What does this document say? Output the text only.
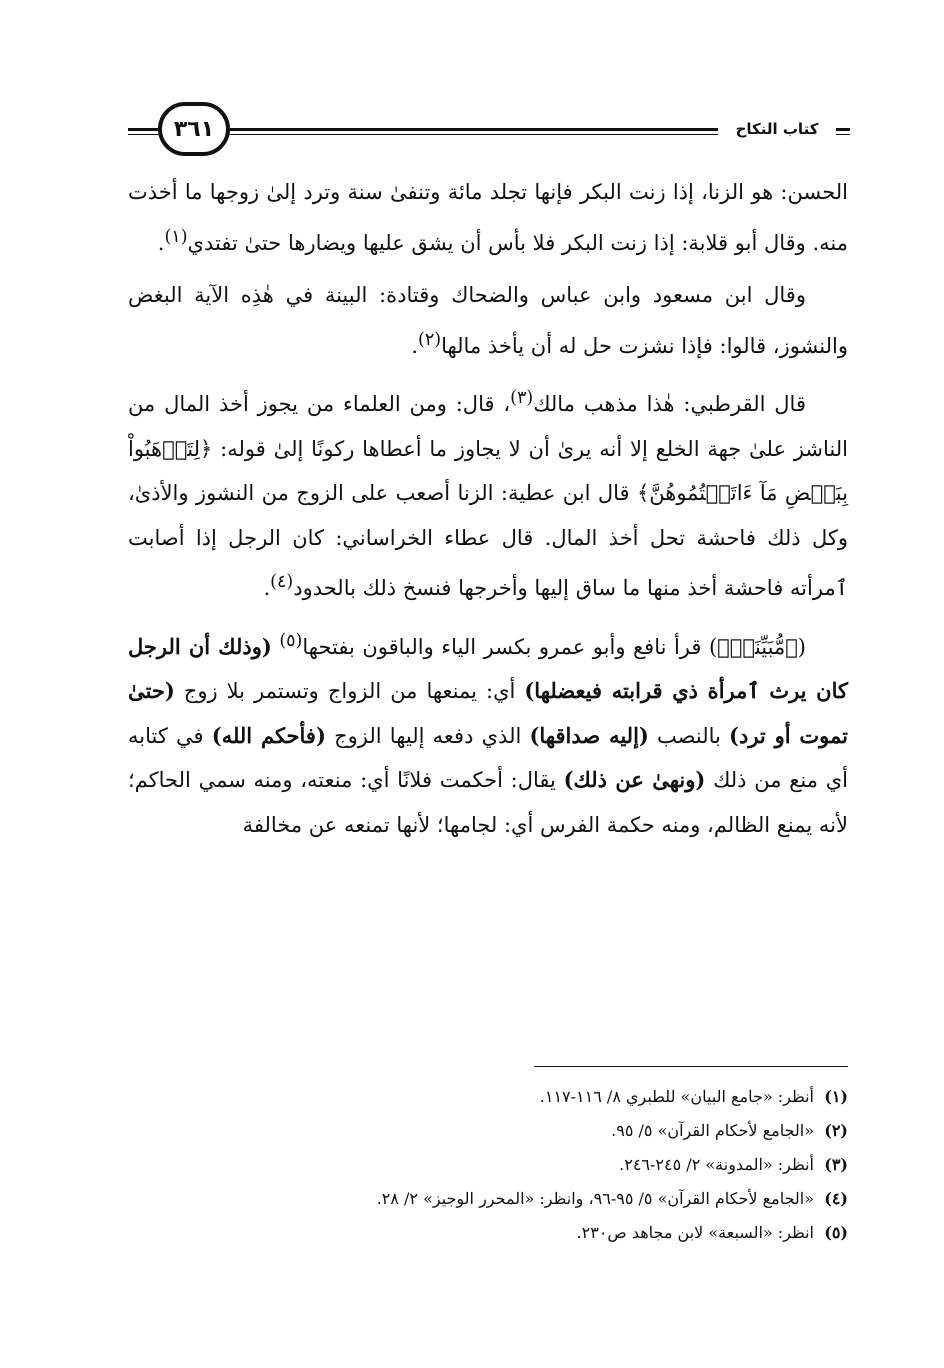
٣٦١	كتاب النكاح

الحسن: هو الزنا، إذا زنت البكر فإنها تجلد مائة وتنفىٰ سنة وترد إلىٰ زوجها ما أخذت منه. وقال أبو قلابة: إذا زنت البكر فلا بأس أن يشق عليها ويضارها حتىٰ تفتدي$^{(١)}$.

وقال ابن مسعود وابن عباس والضحاك وقتادة: البينة في هٰذِه الآية البغض والنشوز، قالوا: فإذا نشزت حل له أن يأخذ مالها$^{(٢)}$.

قال القرطبي: هٰذا مذهب مالك$^{(٣)}$، قال: ومن العلماء من يجوز أخذ المال من الناشز علىٰ جهة الخلع إلا أنه يرىٰ أن لا يجاوز ما أعطاها ركونًا إلىٰ قوله: ﴿لِتَذۡهَبُواْ بِبَعۡضِ مَآ ءَاتَيۡتُمُوهُنَّ﴾ قال ابن عطية: الزنا أصعب على الزوج من النشوز والأذىٰ، وكل ذلك فاحشة تحل أخذ المال. قال عطاء الخراساني: كان الرجل إذا أصابت ٱمرأته فاحشة أخذ منها ما ساق إليها وأخرجها فنسخ ذلك بالحدود$^{(٤)}$.

(﴿مُّبَيِّنَةٖ﴾) قرأ نافع وأبو عمرو بكسر الياء والباقون بفتحها$^{(٥)}$ (وذلك أن الرجل كان يرث ٱمرأة ذي قرابته فيعضلها) أي: يمنعها من الزواج وتستمر بلا زوج (حتىٰ تموت أو ترد) بالنصب (إليه صداقها) الذي دفعه إليها الزوج (فأحكم الله) في كتابه أي منع من ذلك (ونهىٰ عن ذلك) يقال: أحكمت فلانًا أي: منعته، ومنه سمي الحاكم؛ لأنه يمنع الظالم، ومنه حكمة الفرس أي: لجامها؛ لأنها تمنعه عن مخالفة

(١)أنظر: «جامع البيان» للطبري ٨/ ١١٦-١١٧.

(٢)«الجامع لأحكام القرآن» ٥/ ٩٥.

(٣)أنظر: «المدونة» ٢/ ٢٤٥-٢٤٦.

(٤)«الجامع لأحكام القرآن» ٥/ ٩٥-٩٦، وانظر: «المحرر الوجيز» ٢/ ٢٨.

(٥)انظر: «السبعة» لابن مجاهد ص٢٣٠.
